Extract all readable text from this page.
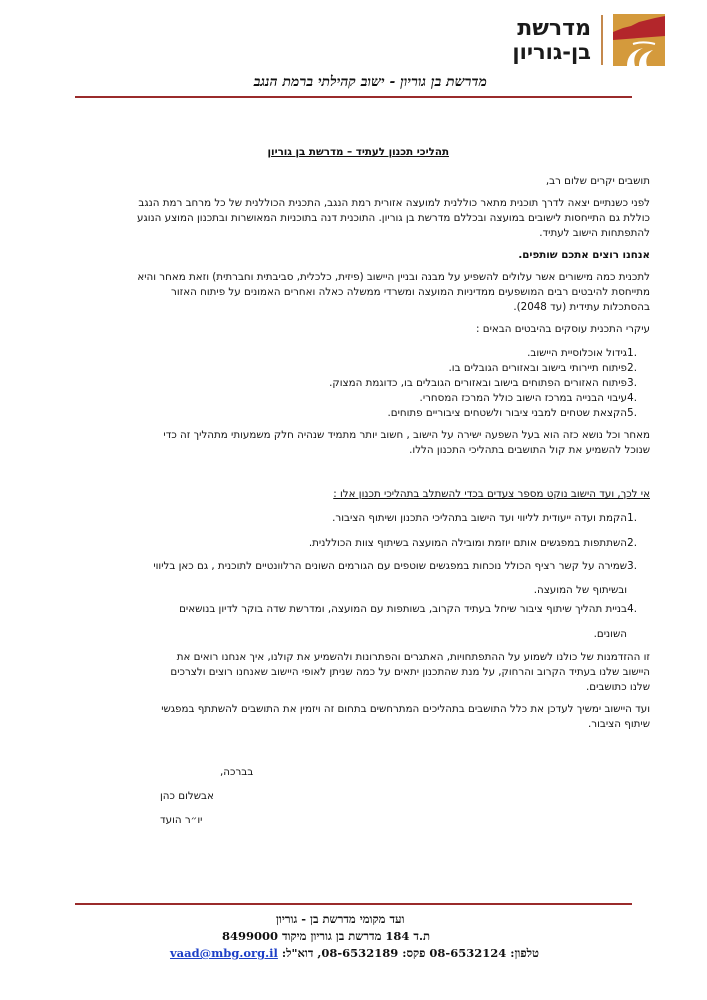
מדרשת
בן-גוריון
מדרשת בן גוריון - ישוב קהילתי ברמת הנגב
תהליכי תכנון לעתיד – מדרשת בן גוריון
תושבים יקרים שלום רב,
לפני כשנתיים יצאה לדרך תוכנית מתאר כוללנית למועצה אזורית רמת הנגב, התכנית הכוללנית של כל מרחב רמת הנגב
כוללת גם התייחסות לישובים במועצה ובכללם מדרשת בן גוריון. התוכנית דנה בתוכניות המאושרות ובתכנון המוצע הנוגע
להתפתחות הישוב לעתיד.
אנחנו רוצים אתכם שותפים.
לתכנית כמה מישורים אשר עלולים להשפיע על מבנה ובניין היישוב (פיזית, כלכלית, סביבתית וחברתית) וזאת מאחר והיא
מתייחסת להיבטים רבים המושפעים ממדיניות המועצה ומשרדי ממשלה כאלה ואחרים האמונים על פיתוח האזור
בהסתכלות עתידית (עד 2048).
עיקרי התכנית עוסקים בהיבטים הבאים :
1.
גידול אוכלוסיית היישוב.
2.
פיתוח תיירותי בישוב ובאזורים הגובלים בו.
3.
פיתוח האזורים הפתוחים בישוב ובאזורים הגובלים בו, כדוגמת המצוק.
4.
עיבוי הבנייה במרכז הישוב כולל המרכז המסחרי.
5.
הקצאת שטחים למבני ציבור ולשטחים ציבוריים פתוחים.
מאחר וכל נושא כזה הוא בעל השפעה ישירה על הישוב , חשוב יותר מתמיד שנהיה חלק משמעותי מתהליך זה כדי
שנוכל להשמיע את קול התושבים בתהליכי התכנון הללו.
אי לכך, ועד הישוב נוקט מספר צעדים בכדי להשתלב בתהליכי תכנון אלו :
1.
הקמת ועדה ייעודית לליווי ועד הישוב בתהליכי התכנון ושיתוף הציבור.
2.
השתתפות במפגשים אותם יוזמת ומובילה המועצה בשיתוף צוות הכוללנית.
3.
שמירה על קשר רציף הכולל נוכחות במפגשים שוטפים עם הגורמים השונים הרלוונטיים לתוכנית , גם כאן בליווי
ובשיתוף של המועצה.
4.
בניית תהליך שיתוף ציבור שיחל בעתיד הקרוב, בשותפות עם המועצה, ומדרשת שדה בוקר לדיון בנושאים
השונים.
זו ההזדמנות של כולנו לשמוע על ההתפתחויות, האתגרים והפתרונות ולהשמיע את קולנו, איך אנחנו רואים את
היישוב שלנו בעתיד הקרוב והרחוק, על מנת שהתכנון יתאים על כמה שניתן לאופי היישוב שאנחנו רוצים ולצרכים
שלנו כתושבים.
ועד היישוב ימשיך לעדכן את כלל התושבים בתהליכים המתרחשים בתחום זה ויזמין את התושבים להשתתף במפגשי
שיתוף הציבור.
בברכה,
אבשלום כהן
יו״ר הועד
ועד מקומי מדרשת בן - גוריון
ת.ד 184 מדרשת בן גוריון מיקוד 8499000
vaad@mbg.org.il טלפון: 08-6532124 פקס: 08-6532189, דוא"ל:
